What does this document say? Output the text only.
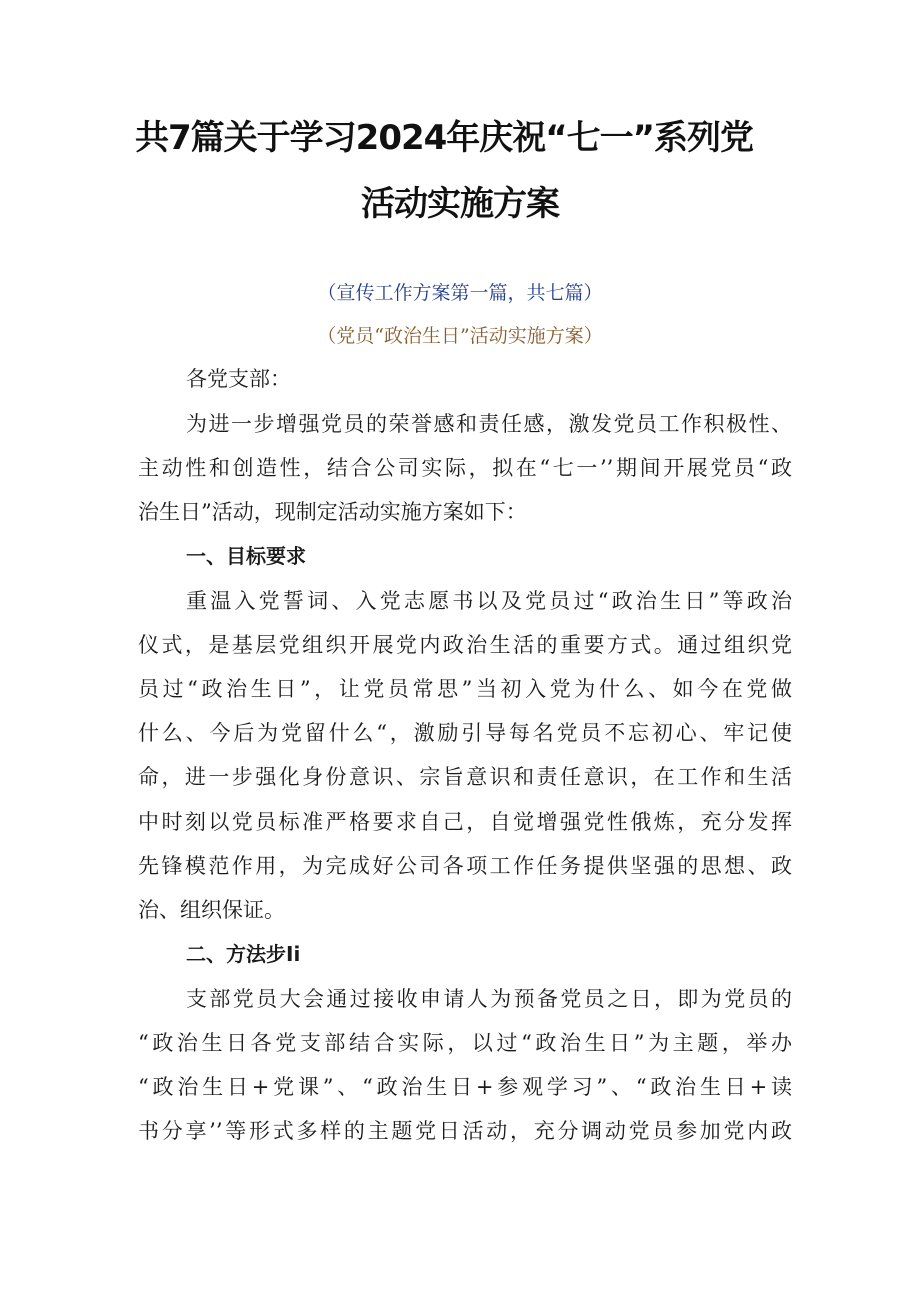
共7篇关于学习2024年庆祝“七一”系列党
活动实施方案
（宣传工作方案第一篇，共七篇）
（党员“政治生日”活动实施方案）
各党支部：
为进一步增强党员的荣誉感和责任感，激发党员工作积极性、
主动性和创造性，结合公司实际，拟在“七一’’期间开展党员“政
治生日”活动，现制定活动实施方案如下：
一、目标要求
重温入党誓词、入党志愿书以及党员过“政治生日”等政治
仪式，是基层党组织开展党内政治生活的重要方式。通过组织党
员过“政治生日”，让党员常思”当初入党为什么、如今在党做
什么、今后为党留什么“，激励引导每名党员不忘初心、牢记使
命，进一步强化身份意识、宗旨意识和责任意识，在工作和生活
中时刻以党员标准严格要求自己，自觉增强党性俄炼，充分发挥
先锋模范作用，为完成好公司各项工作任务提供坚强的思想、政
治、组织保证。
二、方法步Ii
支部党员大会通过接收申请人为预备党员之日，即为党员的
“政治生日各党支部结合实际，以过“政治生日”为主题，举办
“政治生日+党课”、“政治生日+参观学习”、“政治生日+读
书分享’’等形式多样的主题党日活动，充分调动党员参加党内政
